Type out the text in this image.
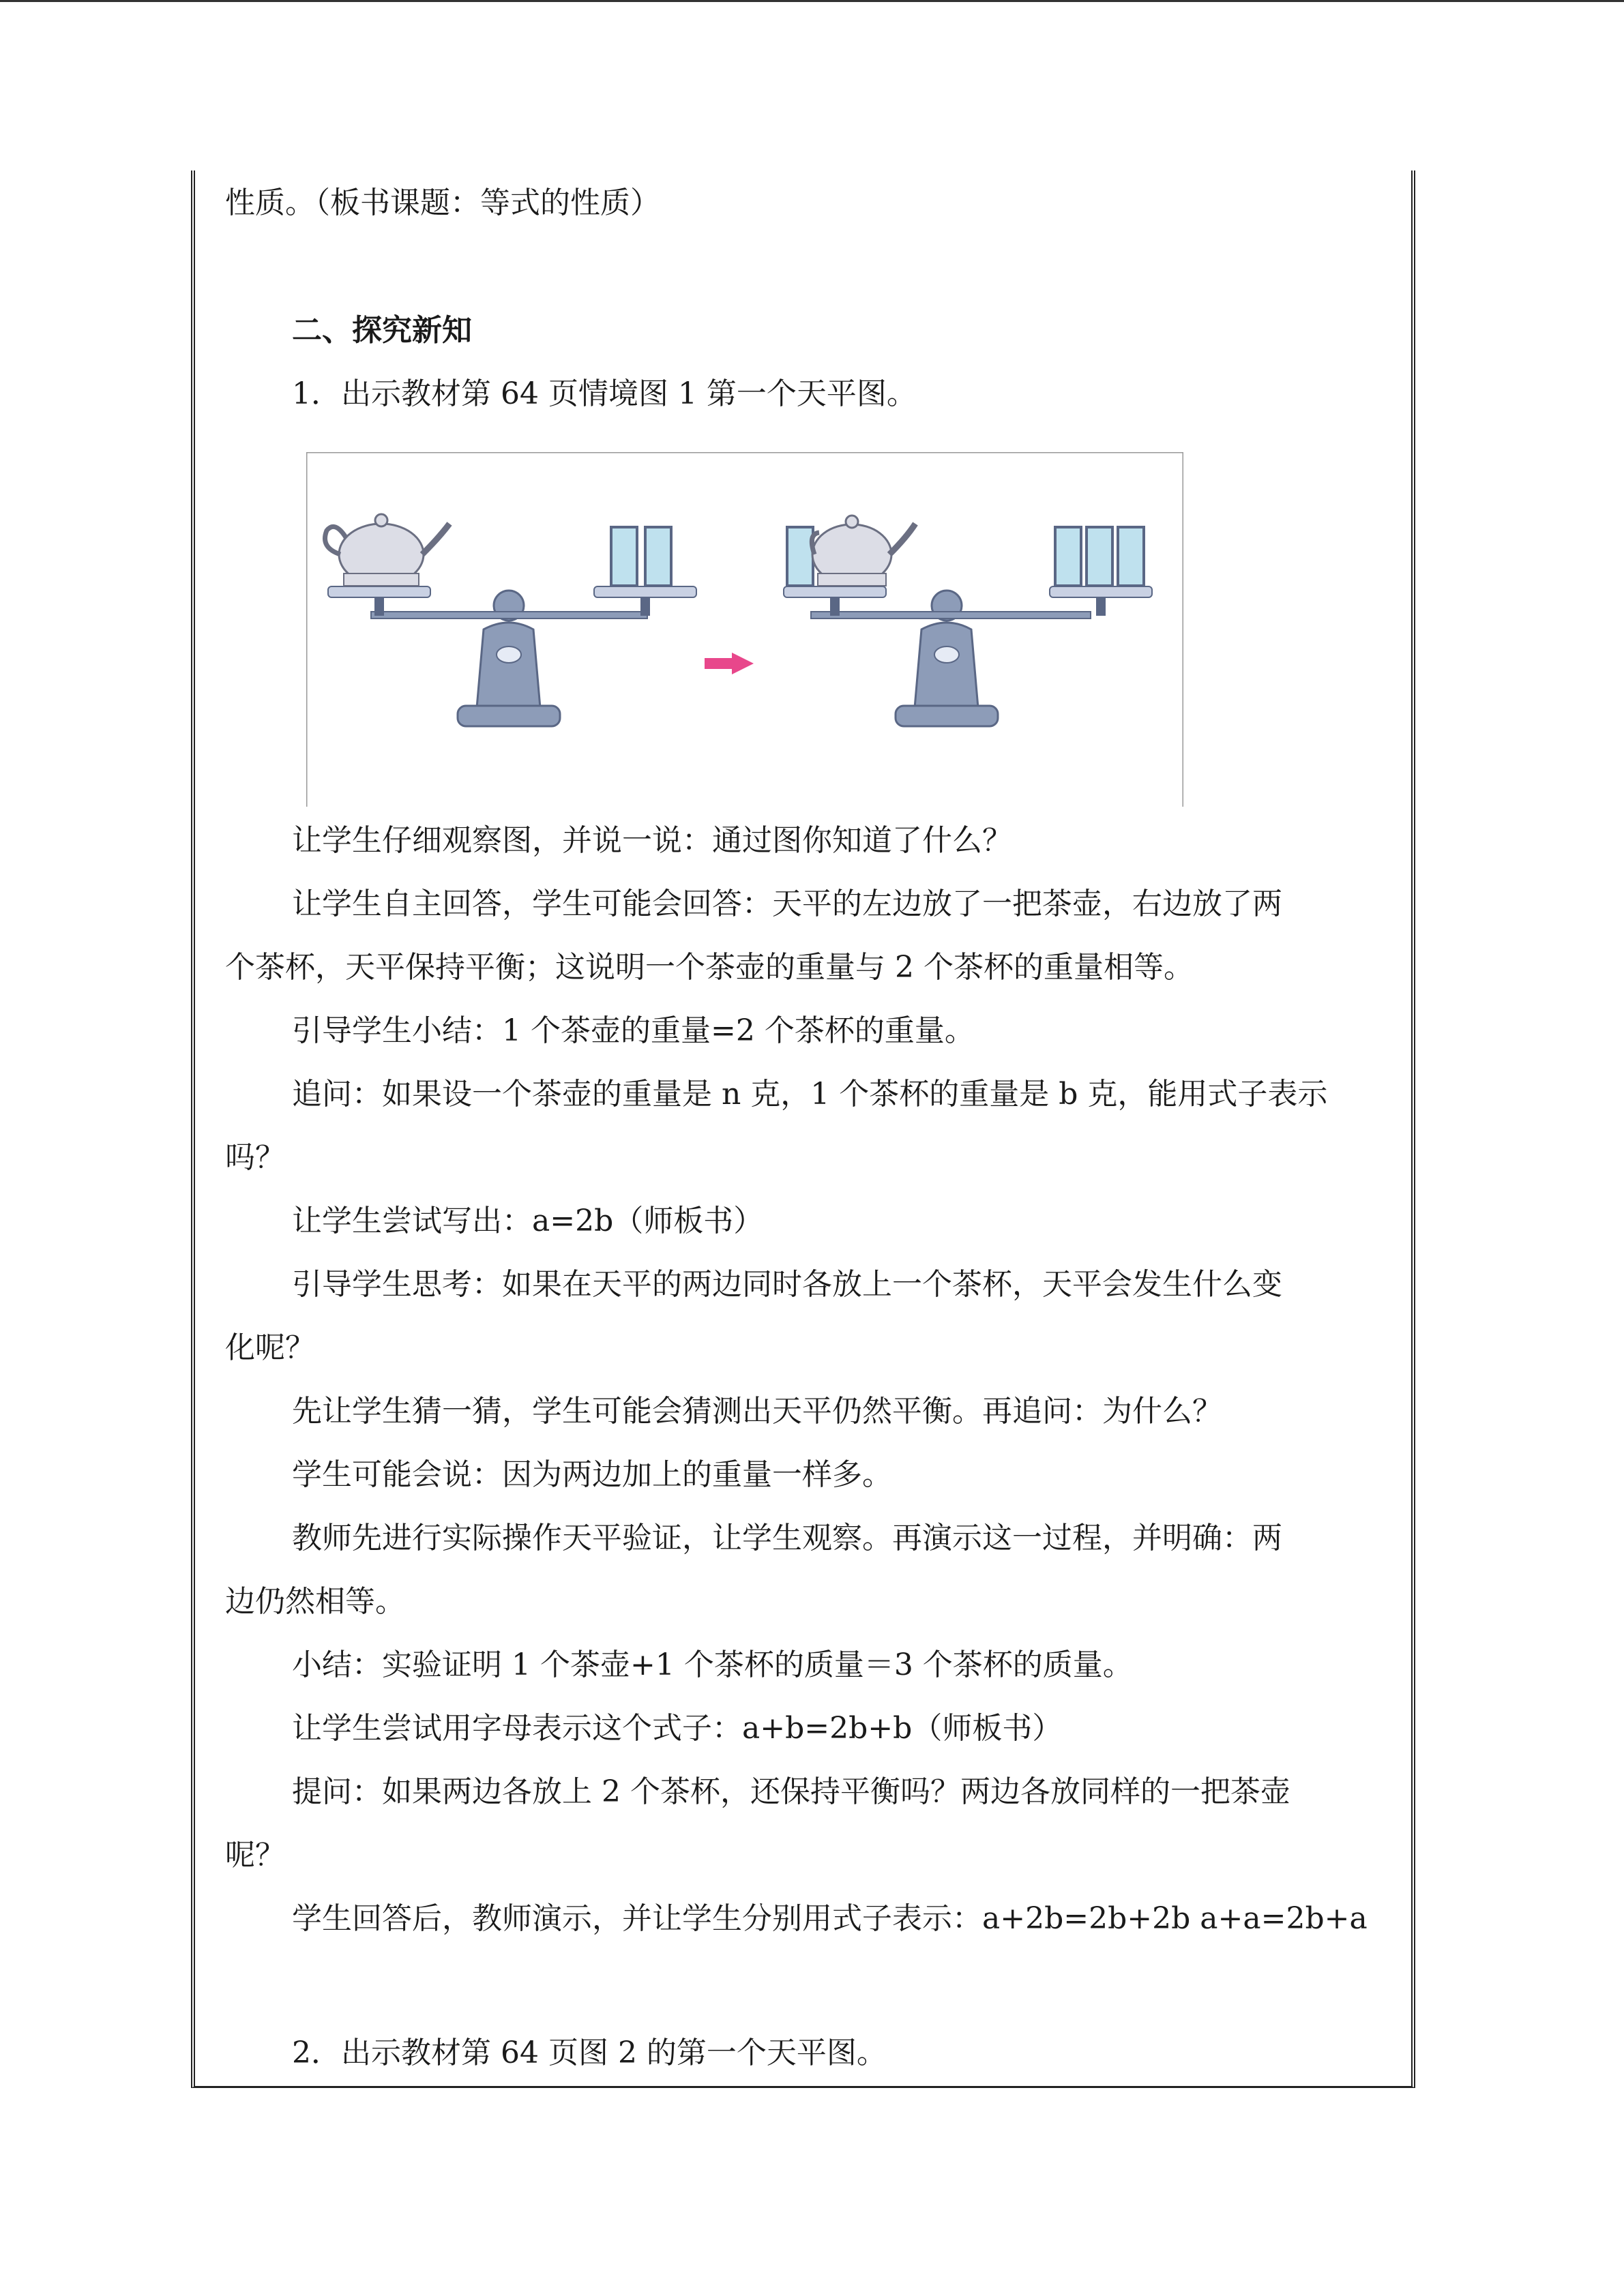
性质。（板书课题：等式的性质）
二、探究新知
1．出示教材第 64 页情境图 1 第一个天平图。
让学生仔细观察图，并说一说：通过图你知道了什么？
让学生自主回答，学生可能会回答：天平的左边放了一把茶壶，右边放了两
个茶杯，天平保持平衡；这说明一个茶壶的重量与 2 个茶杯的重量相等。
引导学生小结：1 个茶壶的重量=2 个茶杯的重量。
追问：如果设一个茶壶的重量是 n 克，1 个茶杯的重量是 b 克，能用式子表示
吗？
让学生尝试写出：a=2b（师板书）
引导学生思考：如果在天平的两边同时各放上一个茶杯，天平会发生什么变
化呢？
先让学生猜一猜，学生可能会猜测出天平仍然平衡。再追问：为什么？
学生可能会说：因为两边加上的重量一样多。
教师先进行实际操作天平验证，让学生观察。再演示这一过程，并明确：两
边仍然相等。
小结：实验证明 1 个茶壶+1 个茶杯的质量＝3 个茶杯的质量。
让学生尝试用字母表示这个式子：a+b=2b+b（师板书）
提问：如果两边各放上 2 个茶杯，还保持平衡吗？两边各放同样的一把茶壶
呢？
学生回答后，教师演示，并让学生分别用式子表示：a+2b=2b+2b a+a=2b+a
2．出示教材第 64 页图 2 的第一个天平图。
